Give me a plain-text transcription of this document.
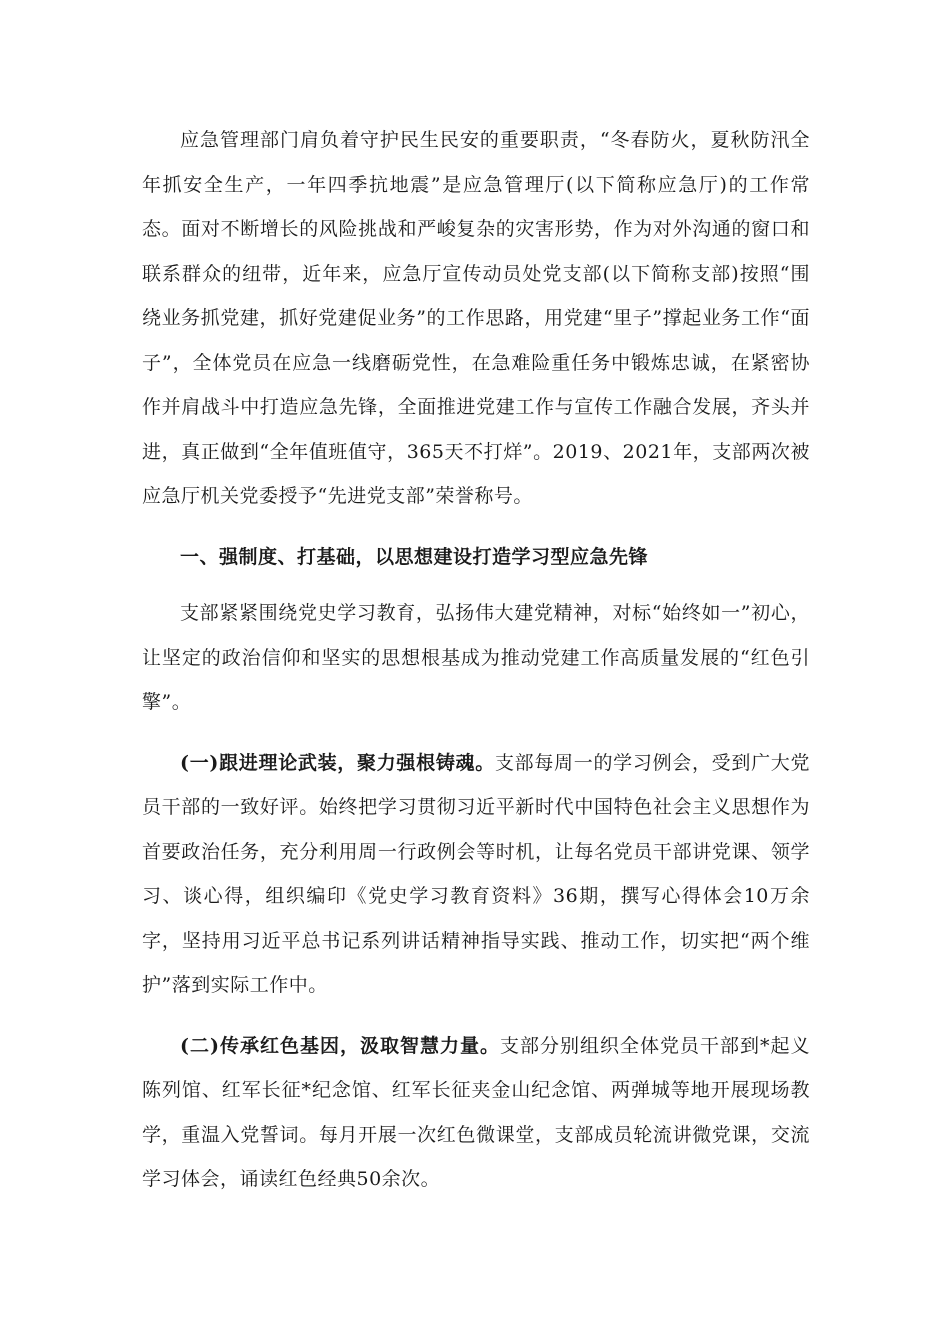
应急管理部门肩负着守护民生民安的重要职责，“冬春防火，夏秋防汛全年抓安全生产，一年四季抗地震”是应急管理厅(以下简称应急厅)的工作常态。面对不断增长的风险挑战和严峻复杂的灾害形势，作为对外沟通的窗口和联系群众的纽带，近年来，应急厅宣传动员处党支部(以下简称支部)按照“围绕业务抓党建，抓好党建促业务”的工作思路，用党建“里子”撑起业务工作“面子”，全体党员在应急一线磨砺党性，在急难险重任务中锻炼忠诚，在紧密协作并肩战斗中打造应急先锋，全面推进党建工作与宣传工作融合发展，齐头并进，真正做到“全年值班值守，365天不打烊”。2019、2021年，支部两次被应急厅机关党委授予“先进党支部”荣誉称号。

一、强制度、打基础，以思想建设打造学习型应急先锋

支部紧紧围绕党史学习教育，弘扬伟大建党精神，对标“始终如一”初心，让坚定的政治信仰和坚实的思想根基成为推动党建工作高质量发展的“红色引擎”。

(一)跟进理论武装，聚力强根铸魂。支部每周一的学习例会，受到广大党员干部的一致好评。始终把学习贯彻习近平新时代中国特色社会主义思想作为首要政治任务，充分利用周一行政例会等时机，让每名党员干部讲党课、领学习、谈心得，组织编印《党史学习教育资料》36期，撰写心得体会10万余字，坚持用习近平总书记系列讲话精神指导实践、推动工作，切实把“两个维护”落到实际工作中。

(二)传承红色基因，汲取智慧力量。支部分别组织全体党员干部到*起义陈列馆、红军长征*纪念馆、红军长征夹金山纪念馆、两弹城等地开展现场教学，重温入党誓词。每月开展一次红色微课堂，支部成员轮流讲微党课，交流学习体会，诵读红色经典50余次。
